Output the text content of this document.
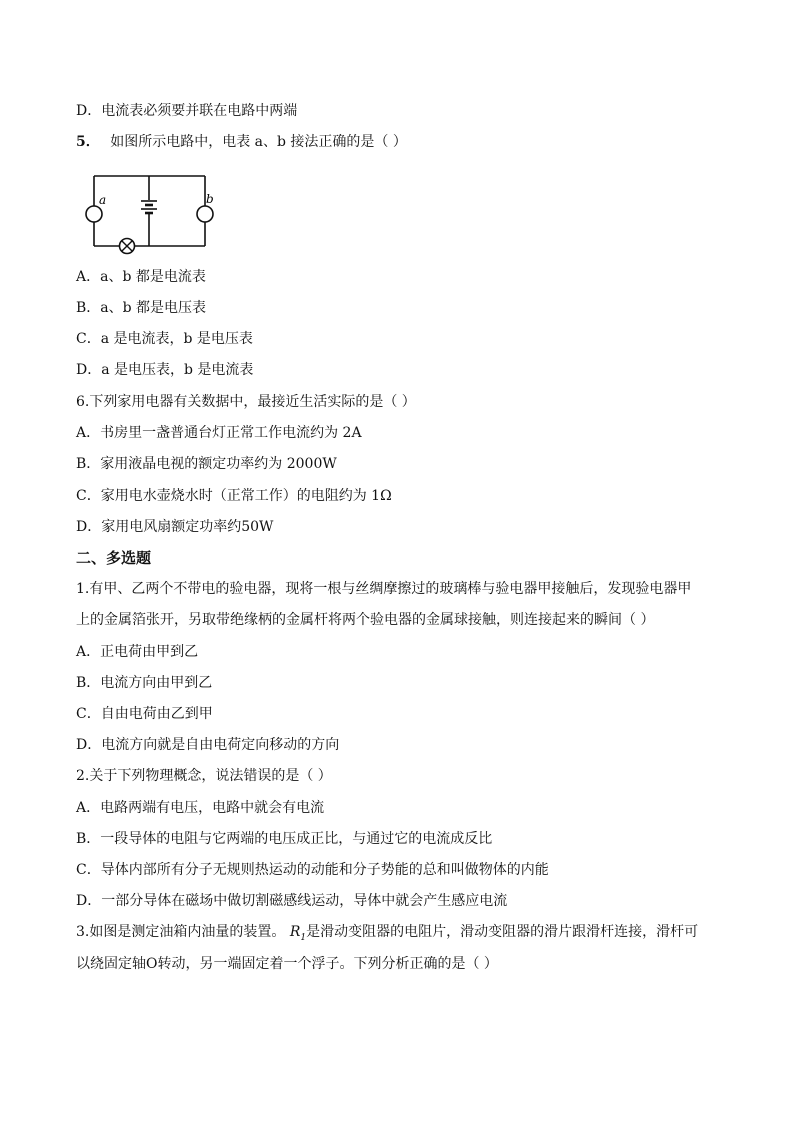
D．电流表必须要并联在电路中两端
5． 如图所示电路中，电表 a、b 接法正确的是（ ）
a	b
A．a、b 都是电流表
B．a、b 都是电压表
C．a 是电流表，b 是电压表
D．a 是电压表，b 是电流表
6.下列家用电器有关数据中，最接近生活实际的是（ ）
A．书房里一盏普通台灯正常工作电流约为 2A
B．家用液晶电视的额定功率约为 2000W
C．家用电水壶烧水时（正常工作）的电阻约为 1Ω
D．家用电风扇额定功率约50W
二、多选题
1.有甲、乙两个不带电的验电器，现将一根与丝绸摩擦过的玻璃棒与验电器甲接触后，发现验电器甲
上的金属箔张开，另取带绝缘柄的金属杆将两个验电器的金属球接触，则连接起来的瞬间（ ）
A．正电荷由甲到乙
B．电流方向由甲到乙
C．自由电荷由乙到甲
D．电流方向就是自由电荷定向移动的方向
2.关于下列物理概念，说法错误的是（ ）
A．电路两端有电压，电路中就会有电流
B．一段导体的电阻与它两端的电压成正比，与通过它的电流成反比
C．导体内部所有分子无规则热运动的动能和分子势能的总和叫做物体的内能
D．一部分导体在磁场中做切割磁感线运动，导体中就会产生感应电流
3.如图是测定油箱内油量的装置。 $R_1$是滑动变阻器的电阻片，滑动变阻器的滑片跟滑杆连接，滑杆可
以绕固定轴O转动，另一端固定着一个浮子。下列分析正确的是（ ）
